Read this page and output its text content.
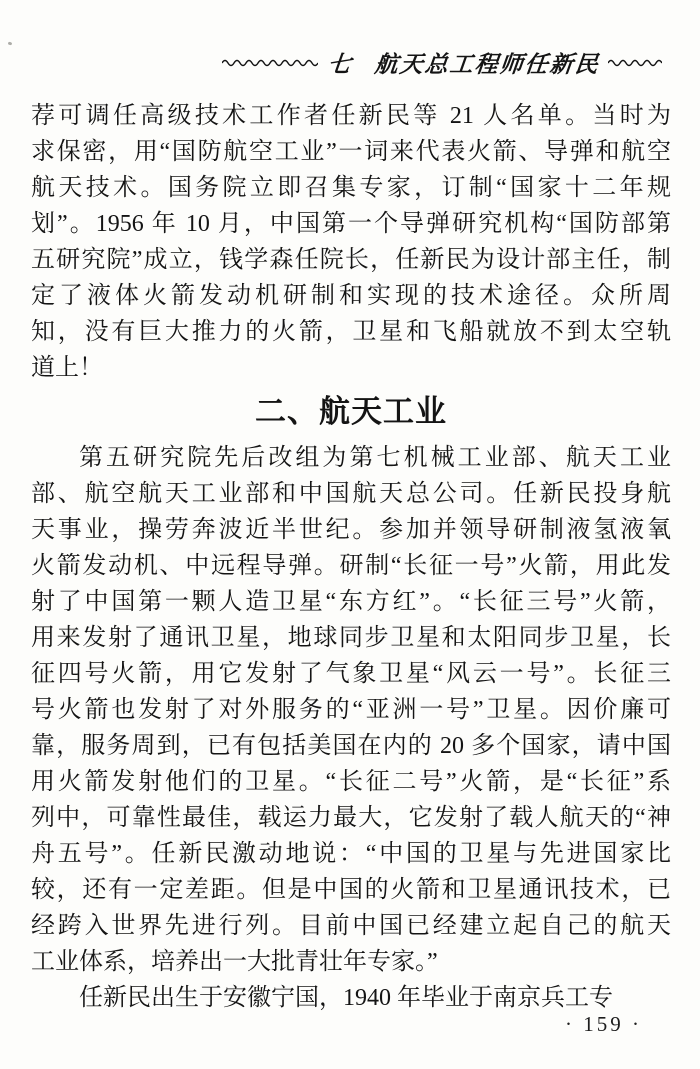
七 航天总工程师任新民
荐可调任高级技术工作者任新民等 21 人名单。当时为
求保密，用“国防航空工业”一词来代表火箭、导弹和航空
航天技术。国务院立即召集专家，订制“国家十二年规
划”。1956 年 10 月，中国第一个导弹研究机构“国防部第
五研究院”成立，钱学森任院长，任新民为设计部主任，制
定了液体火箭发动机研制和实现的技术途径。众所周
知，没有巨大推力的火箭，卫星和飞船就放不到太空轨
道上！
二、航天工业
第五研究院先后改组为第七机械工业部、航天工业
部、航空航天工业部和中国航天总公司。任新民投身航
天事业，操劳奔波近半世纪。参加并领导研制液氢液氧
火箭发动机、中远程导弹。研制“长征一号”火箭，用此发
射了中国第一颗人造卫星“东方红”。“长征三号”火箭，
用来发射了通讯卫星，地球同步卫星和太阳同步卫星，长
征四号火箭，用它发射了气象卫星“风云一号”。长征三
号火箭也发射了对外服务的“亚洲一号”卫星。因价廉可
靠，服务周到，已有包括美国在内的 20 多个国家，请中国
用火箭发射他们的卫星。“长征二号”火箭，是“长征”系
列中，可靠性最佳，载运力最大，它发射了载人航天的“神
舟五号”。任新民激动地说：“中国的卫星与先进国家比
较，还有一定差距。但是中国的火箭和卫星通讯技术，已
经跨入世界先进行列。目前中国已经建立起自己的航天
工业体系，培养出一大批青壮年专家。”
任新民出生于安徽宁国，1940 年毕业于南京兵工专
· 159 ·
